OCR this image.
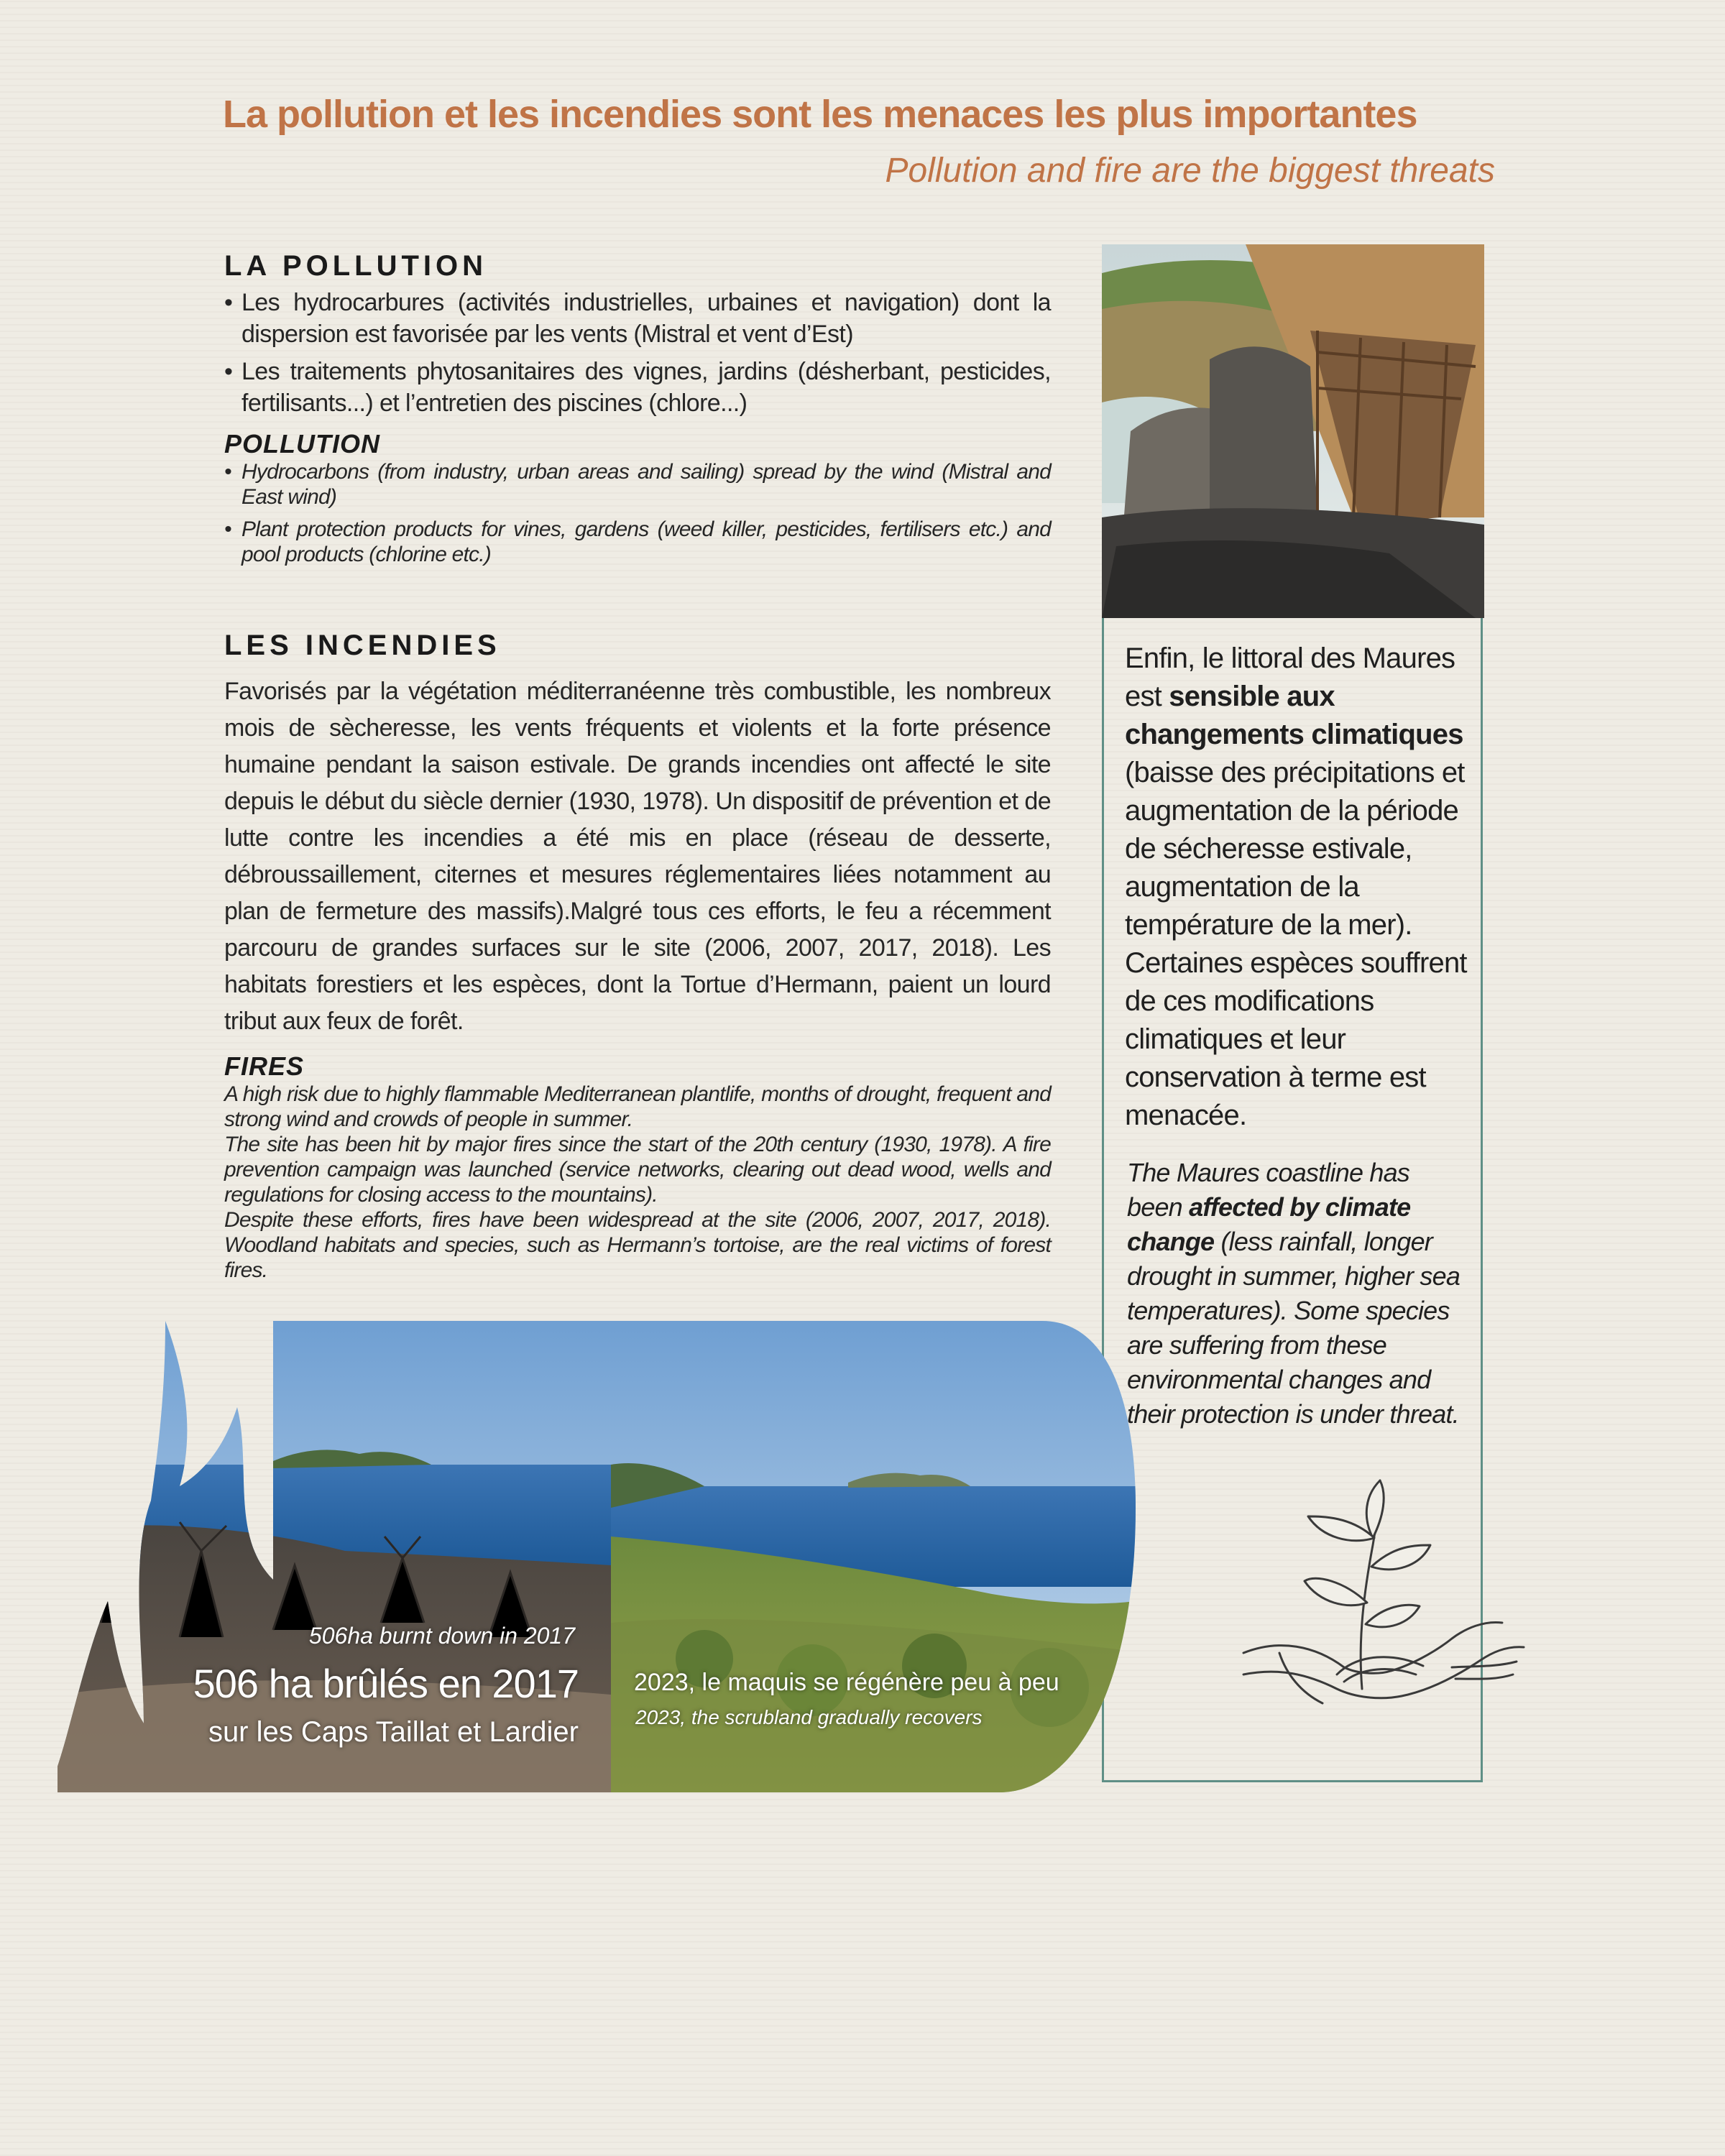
La pollution et les incendies sont les menaces les plus importantes
Pollution and fire are the biggest threats
LA POLLUTION
• Les hydrocarbures (activités industrielles, urbaines et navigation) dont la dispersion est favorisée par les vents (Mistral et vent d’Est)
• Les traitements phytosanitaires des vignes, jardins (désherbant, pesticides, fertilisants...) et l’entretien des piscines (chlore...)
POLLUTION
• Hydrocarbons (from industry, urban areas and sailing) spread by the wind (Mistral and East wind)
• Plant protection products for vines, gardens (weed killer, pesticides, fertilisers etc.) and pool products (chlorine etc.)
LES INCENDIES

Favorisés par la végétation méditerranéenne très combustible, les nombreux mois de sècheresse, les vents fréquents et violents et la forte présence humaine pendant la saison estivale. De grands incendies ont affecté le site depuis le début du siècle dernier (1930, 1978). Un dispositif de prévention et de lutte contre les incendies a été mis en place (réseau de desserte, débroussaillement, citernes et mesures réglementaires liées notamment au plan de fermeture des massifs).Malgré tous ces efforts, le feu a récemment parcouru de grandes surfaces sur le site (2006, 2007, 2017, 2018). Les habitats forestiers et les espèces, dont la Tortue d’Hermann, paient un lourd tribut aux feux de forêt.

FIRES

A high risk due to highly flammable Mediterranean plantlife, months of drought, frequent and strong wind and crowds of people in summer.

The site has been hit by major fires since the start of the 20th century (1930, 1978). A fire prevention campaign was launched (service networks, clearing out dead wood, wells and regulations for closing access to the mountains).

Despite these efforts, fires have been widespread at the site (2006, 2007, 2017, 2018). Woodland habitats and species, such as Hermann’s tortoise, are the real victims of forest fires.

Enfin, le littoral des Maures est sensible aux changements climatiques (baisse des précipitations et augmentation de la période de sécheresse estivale, augmentation de la température de la mer). Certaines espèces souffrent de ces modifications climatiques et leur conservation à terme est menacée.

The Maures coastline has been affected by climate change (less rainfall, longer drought in summer, higher sea temperatures). Some species are suffering from these environmental changes and their protection is under threat.

506ha burnt down in 2017
506 ha brûlés en 2017
sur les Caps Taillat et Lardier
2023, le maquis se régénère peu à peu
2023, the scrubland gradually recovers
